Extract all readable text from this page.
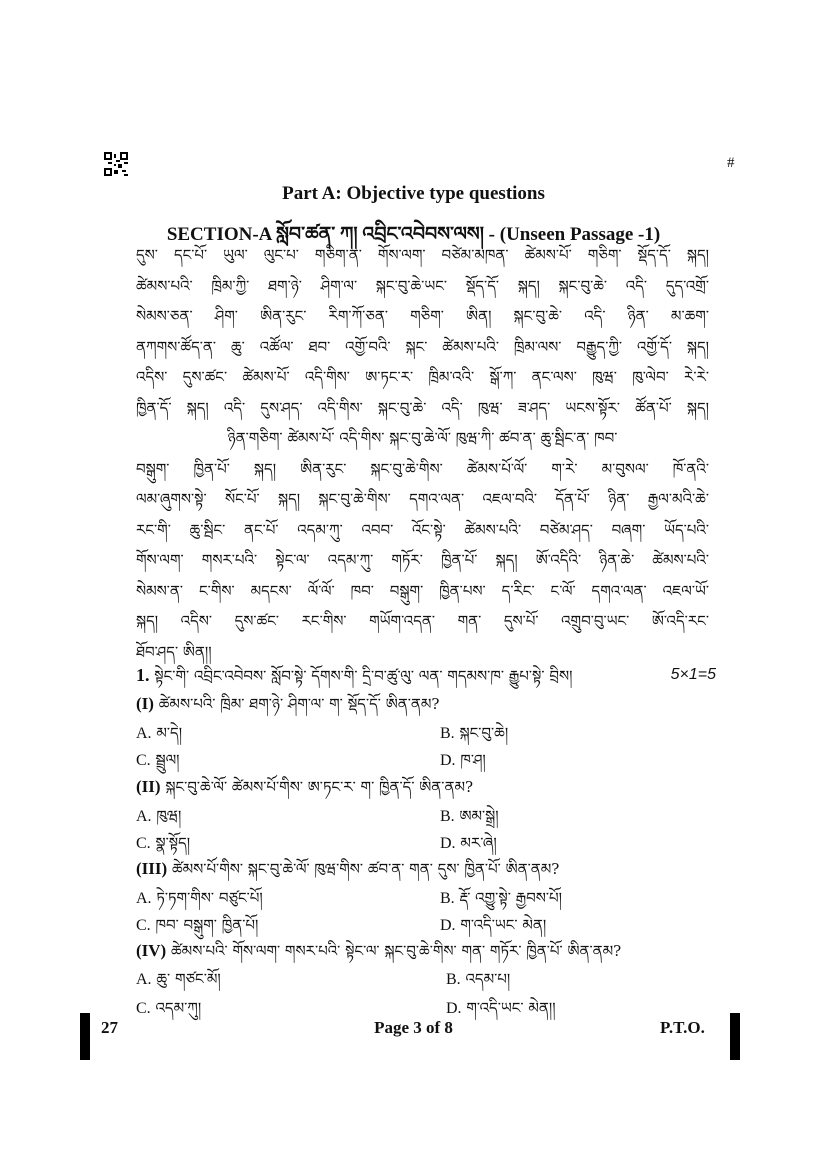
#
Part A: Objective type questions
SECTION-A སློབ་ཚན་ ཀ། འབྲིང་འབེབས་ལས། - (Unseen Passage -1)
དུས་ དང་པོ་ ཡུལ་ ལུང་པ་ གཅིག་ན་ གོས་ལག་ བཙེམ་མཁན་ ཚེམས་པོ་ གཅིག་ སྡོད་དོ་ སྐད།
ཚེམས་པའི་ ཁྲིམ་ཀྱི་ ཐག་ཉེ་ ཤིག་ལ་ སྐང་བུ་ཆེ་ཡང་ སྡོད་དོ་ སྐད། སྐང་བུ་ཆེ་ འདི་ དུད་འགྲོ་
སེམས་ཅན་ ཤིག་ ཨིན་རུང་ རིག་ཀོ་ཅན་ གཅིག་ ཨིན། སྐང་བུ་ཆེ་ འདི་ ཉིན་ མ་ཆག་
ནཀགས་ཚོད་ན་ ཆུ་ འཚོལ་ ཐབ་ འགྱོ་བའི་ སྐང་ ཚེམས་པའི་ ཁྲིམ་ལས་ བརྒྱུད་ཀྱི་ འགྱོ་དོ་ སྐད།
འདིས་ དུས་ཚང་ ཚེམས་པོ་ འདི་གིས་ ཨ་ཏང་ར་ ཁྲིམ་འའི་ སྒོ་ཀ་ ནང་ལས་ ཁུཝ་ ཁུ་ལེབ་ རེ་རེ་
ཁྱིན་དོ་ སྐད། འདི་ དུས་ཤད་ འདི་གིས་ སྐང་བུ་ཆེ་ འདི་ ཁུཝ་ ཟ་ཤད་ ཡངས་སྟོར་ ཚོན་པོ་ སྐད།
ཉིན་གཅིག་ ཚེམས་པོ་ འདི་གིས་ སྐང་བུ་ཆེ་ལོ་ ཁུཝ་ཀི་ ཚབ་ན་ ཆུ་སྦིང་ན་ ཁབ་
བསྒུག་ ཁྱིན་པོ་ སྐད། ཨིན་རུང་ སྐང་བུ་ཆེ་གིས་ ཚེམས་པོ་ལོ་ ག་རེ་ མ་བུསལ་ ཁོ་ནའི་
ལམ་ཞུགས་སྟེ་ སོང་པོ་ སྐད། སྐང་བུ་ཆེ་གིས་ དགའ་ལན་ འཇལ་བའི་ དོན་པོ་ ཉིན་ རྒྱལ་མའི་ཆེ་
རང་གི་ ཆུ་སྦིང་ ནང་པོ་ འདམ་ཀུ་ འབབ་ འོང་སྟེ་ ཚེམས་པའི་ བཙེམ་ཤད་ བཞག་ ཡོད་པའི་
གོས་ལག་ གསར་པའི་ སྟེང་ལ་ འདམ་ཀུ་ གཏོར་ ཁྱིན་པོ་ སྐད། ཨོ་འདིའི་ ཉིན་ཆེ་ ཚེམས་པའི་
སེམས་ན་ ང་གིས་ མདངས་ ལོ་ལོ་ ཁབ་ བསྒུག་ ཁྱིན་པས་ ད་རིང་ ང་ལོ་ དགའ་ལན་ འཇལ་ཡོ་
སྐད། འདིས་ དུས་ཚང་ རང་གིས་ གཡོག་འདན་ གན་ དུས་པོ་ འགྲུབ་བུ་ཡང་ ཨོ་འདི་རང་
ཐོབ་ཤད་ ཨིན།།
1. སྟེང་གི་ འབྲིང་འབེབས་ སློབ་སྟེ་ དོགས་གི་ དྲི་བ་ཚུ་ལུ་ ལན་ གདམས་ཁ་ རྒྱུཔ་སྟེ་ བྲིས།	5×1=5
(I) ཚེམས་པའི་ ཁྲིམ་ ཐག་ཉེ་ ཤིག་ལ་ ག་ སྡོད་དོ་ ཨིན་ནམ?
A. མ་དེ།	B. སྐང་བུ་ཆེ།
C. སྦྲུལ།	D. ཁ་ཤ།
(II) སྐང་བུ་ཆེ་ལོ་ ཚེམས་པོ་གིས་ ཨ་ཏང་ར་ ག་ ཁྱིན་དོ་ ཨིན་ནམ?
A. ཁུཝ།	B. ཨམ་སྒྲེ།
C. སྣ་སྟོད།	D. མར་ཞེ།
(III) ཚེམས་པོ་གིས་ སྐང་བུ་ཆེ་ལོ་ ཁུཝ་གིས་ ཚབ་ན་ གན་ དུས་ ཁྱིན་པོ་ ཨིན་ནམ?
A. ཏེ་ཏག་གིས་ བཙུང་པོ།	B. རྡོ་ འགྱུ་སྟེ་ རྒྱབས་པོ།
C. ཁབ་ བསྒུག་ ཁྱིན་པོ།	D. ག་འདི་ཡང་ མེན།
(IV) ཚེམས་པའི་ གོས་ལག་ གསར་པའི་ སྟེང་ལ་ སྐང་བུ་ཆེ་གིས་ གན་ གཏོར་ ཁྱིན་པོ་ ཨིན་ནམ?
A. ཆུ་ གཙང་མོ།	B. འདམ་པ།
C. འདམ་ཀུ།	D. ག་འདི་ཡང་ མེན།།
27	Page 3 of 8	P.T.O.
